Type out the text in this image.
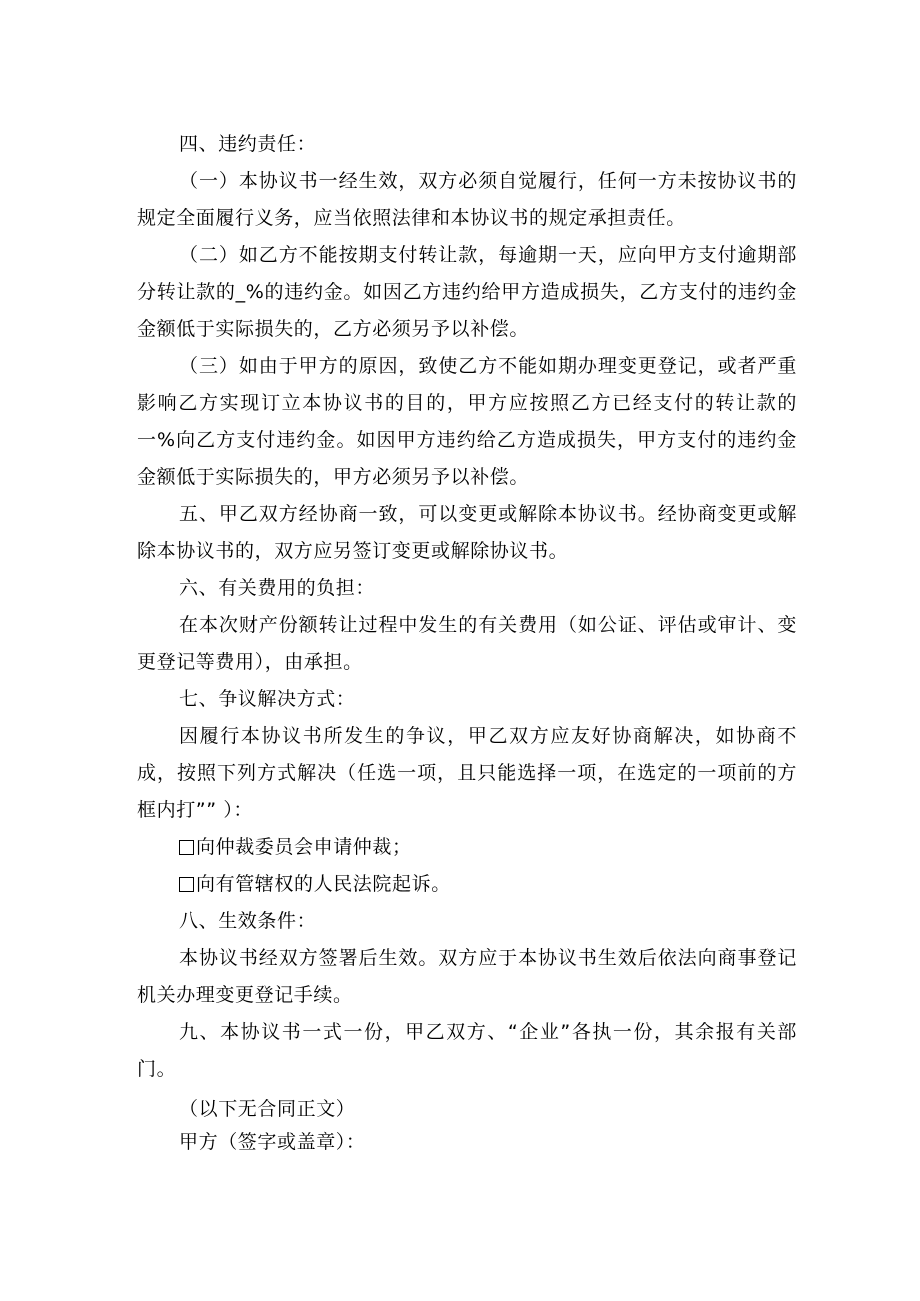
四、违约责任：
（一）本协议书一经生效，双方必须自觉履行，任何一方未按协议书的规定全面履行义务，应当依照法律和本协议书的规定承担责任。
（二）如乙方不能按期支付转让款，每逾期一天，应向甲方支付逾期部分转让款的_%的违约金。如因乙方违约给甲方造成损失，乙方支付的违约金金额低于实际损失的，乙方必须另予以补偿。
（三）如由于甲方的原因，致使乙方不能如期办理变更登记，或者严重影响乙方实现订立本协议书的目的，甲方应按照乙方已经支付的转让款的一%向乙方支付违约金。如因甲方违约给乙方造成损失，甲方支付的违约金金额低于实际损失的，甲方必须另予以补偿。
五、甲乙双方经协商一致，可以变更或解除本协议书。经协商变更或解除本协议书的，双方应另签订变更或解除协议书。
六、有关费用的负担：
在本次财产份额转让过程中发生的有关费用（如公证、评估或审计、变更登记等费用），由承担。
七、争议解决方式：
因履行本协议书所发生的争议，甲乙双方应友好协商解决，如协商不成，按照下列方式解决（任选一项，且只能选择一项，在选定的一项前的方框内打”” ）：
向仲裁委员会申请仲裁；
向有管辖权的人民法院起诉。
八、生效条件：
本协议书经双方签署后生效。双方应于本协议书生效后依法向商事登记机关办理变更登记手续。
九、本协议书一式一份，甲乙双方、“企业”各执一份，其余报有关部门。
（以下无合同正文）
甲方（签字或盖章）：
